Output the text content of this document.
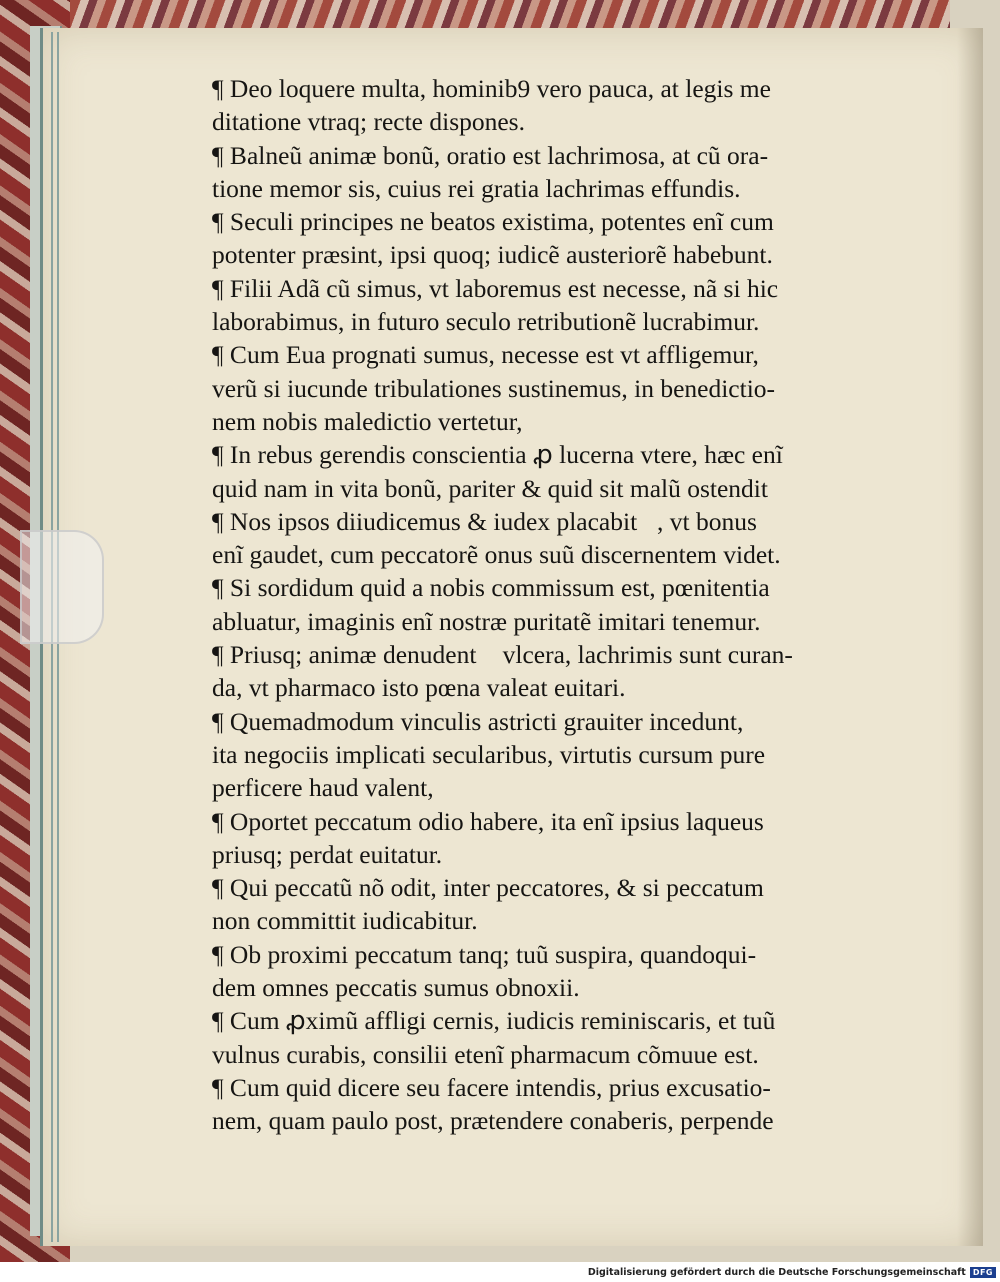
¶ Deo loquere multa, hominib9 vero pauca, at legis me
ditatione vtraq; recte dispones.
¶ Balneũ animæ bonũ, oratio est lachrimosa, at cũ ora-
tione memor sis, cuius rei gratia lachrimas effundis.
¶ Seculi principes ne beatos existima, potentes enĩ cum
potenter præsint, ipsi quoq; iudicẽ austeriorẽ habebunt.
¶ Filii Adã cũ simus, vt laboremus est necesse, nã si hic
laborabimus, in futuro seculo retributionẽ lucrabimur.
¶ Cum Eua prognati sumus, necesse est vt affligemur,
verũ si iucunde tribulationes sustinemus, in benedictio-
nem nobis maledictio vertetur,
¶ In rebus gerendis conscientia ꝓ lucerna vtere, hæc enĩ
quid nam in vita bonũ, pariter & quid sit malũ ostendit
¶ Nos ipsos diiudicemus & iudex placabit᷑, vt bonus
enĩ gaudet, cum peccatorẽ onus suũ discernentem videt.
¶ Si sordidum quid a nobis commissum est, pœnitentia
abluatur, imaginis enĩ nostræ puritatẽ imitari tenemur.
¶ Priusq; animæ denudent᷑ vlcera, lachrimis sunt curan-
da, vt pharmaco isto pœna valeat euitari.
¶ Quemadmodum vinculis astricti grauiter incedunt,
ita negociis implicati secularibus, virtutis cursum pure
perficere haud valent,
¶ Oportet peccatum odio habere, ita enĩ ipsius laqueus
priusq; perdat euitatur.
¶ Qui peccatũ nõ odit, inter peccatores, & si peccatum
non committit iudicabitur.
¶ Ob proximi peccatum tanq; tuũ suspira, quandoqui-
dem omnes peccatis sumus obnoxii.
¶ Cum ꝓximũ affligi cernis, iudicis reminiscaris, et tuũ
vulnus curabis, consilii etenĩ pharmacum cõmuue est.
¶ Cum quid dicere seu facere intendis, prius excusatio-
nem, quam paulo post, prætendere conaberis, perpende
Digitalisierung gefördert durch die Deutsche Forschungsgemeinschaft DFG
